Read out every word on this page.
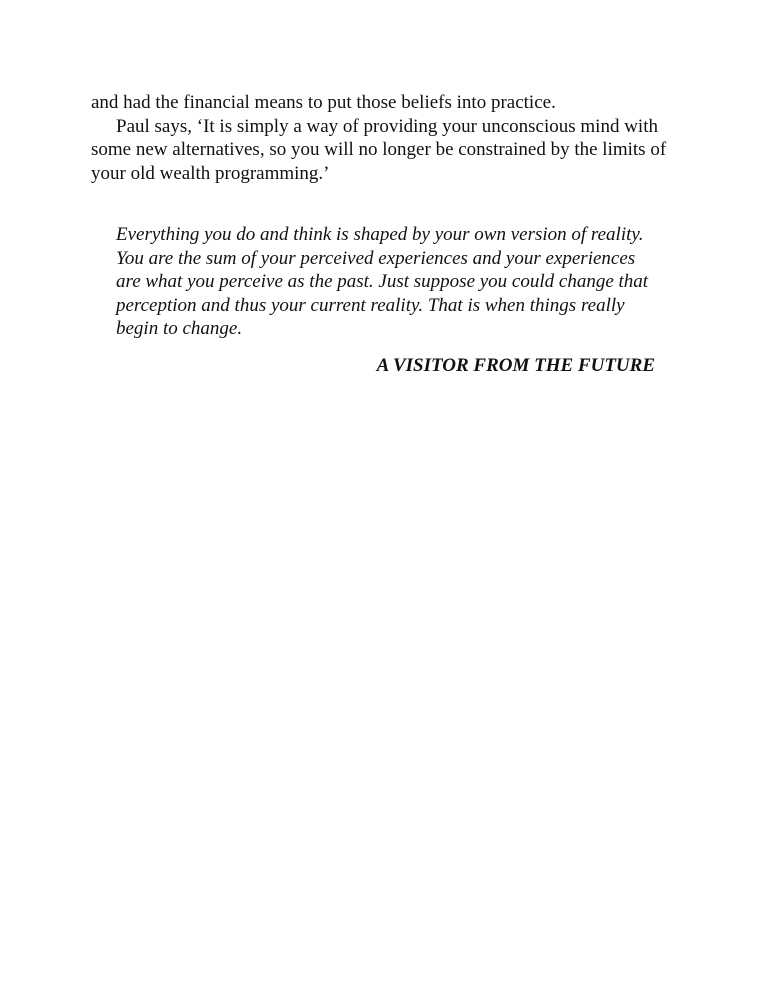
and had the financial means to put those beliefs into practice.

Paul says, ‘It is simply a way of providing your unconscious mind with

some new alternatives, so you will no longer be constrained by the limits of

your old wealth programming.’

Everything you do and think is shaped by your own version of reality.
You are the sum of your perceived experiences and your experiences
are what you perceive as the past. Just suppose you could change that
perception and thus your current reality. That is when things really
begin to change.
A VISITOR FROM THE FUTURE
